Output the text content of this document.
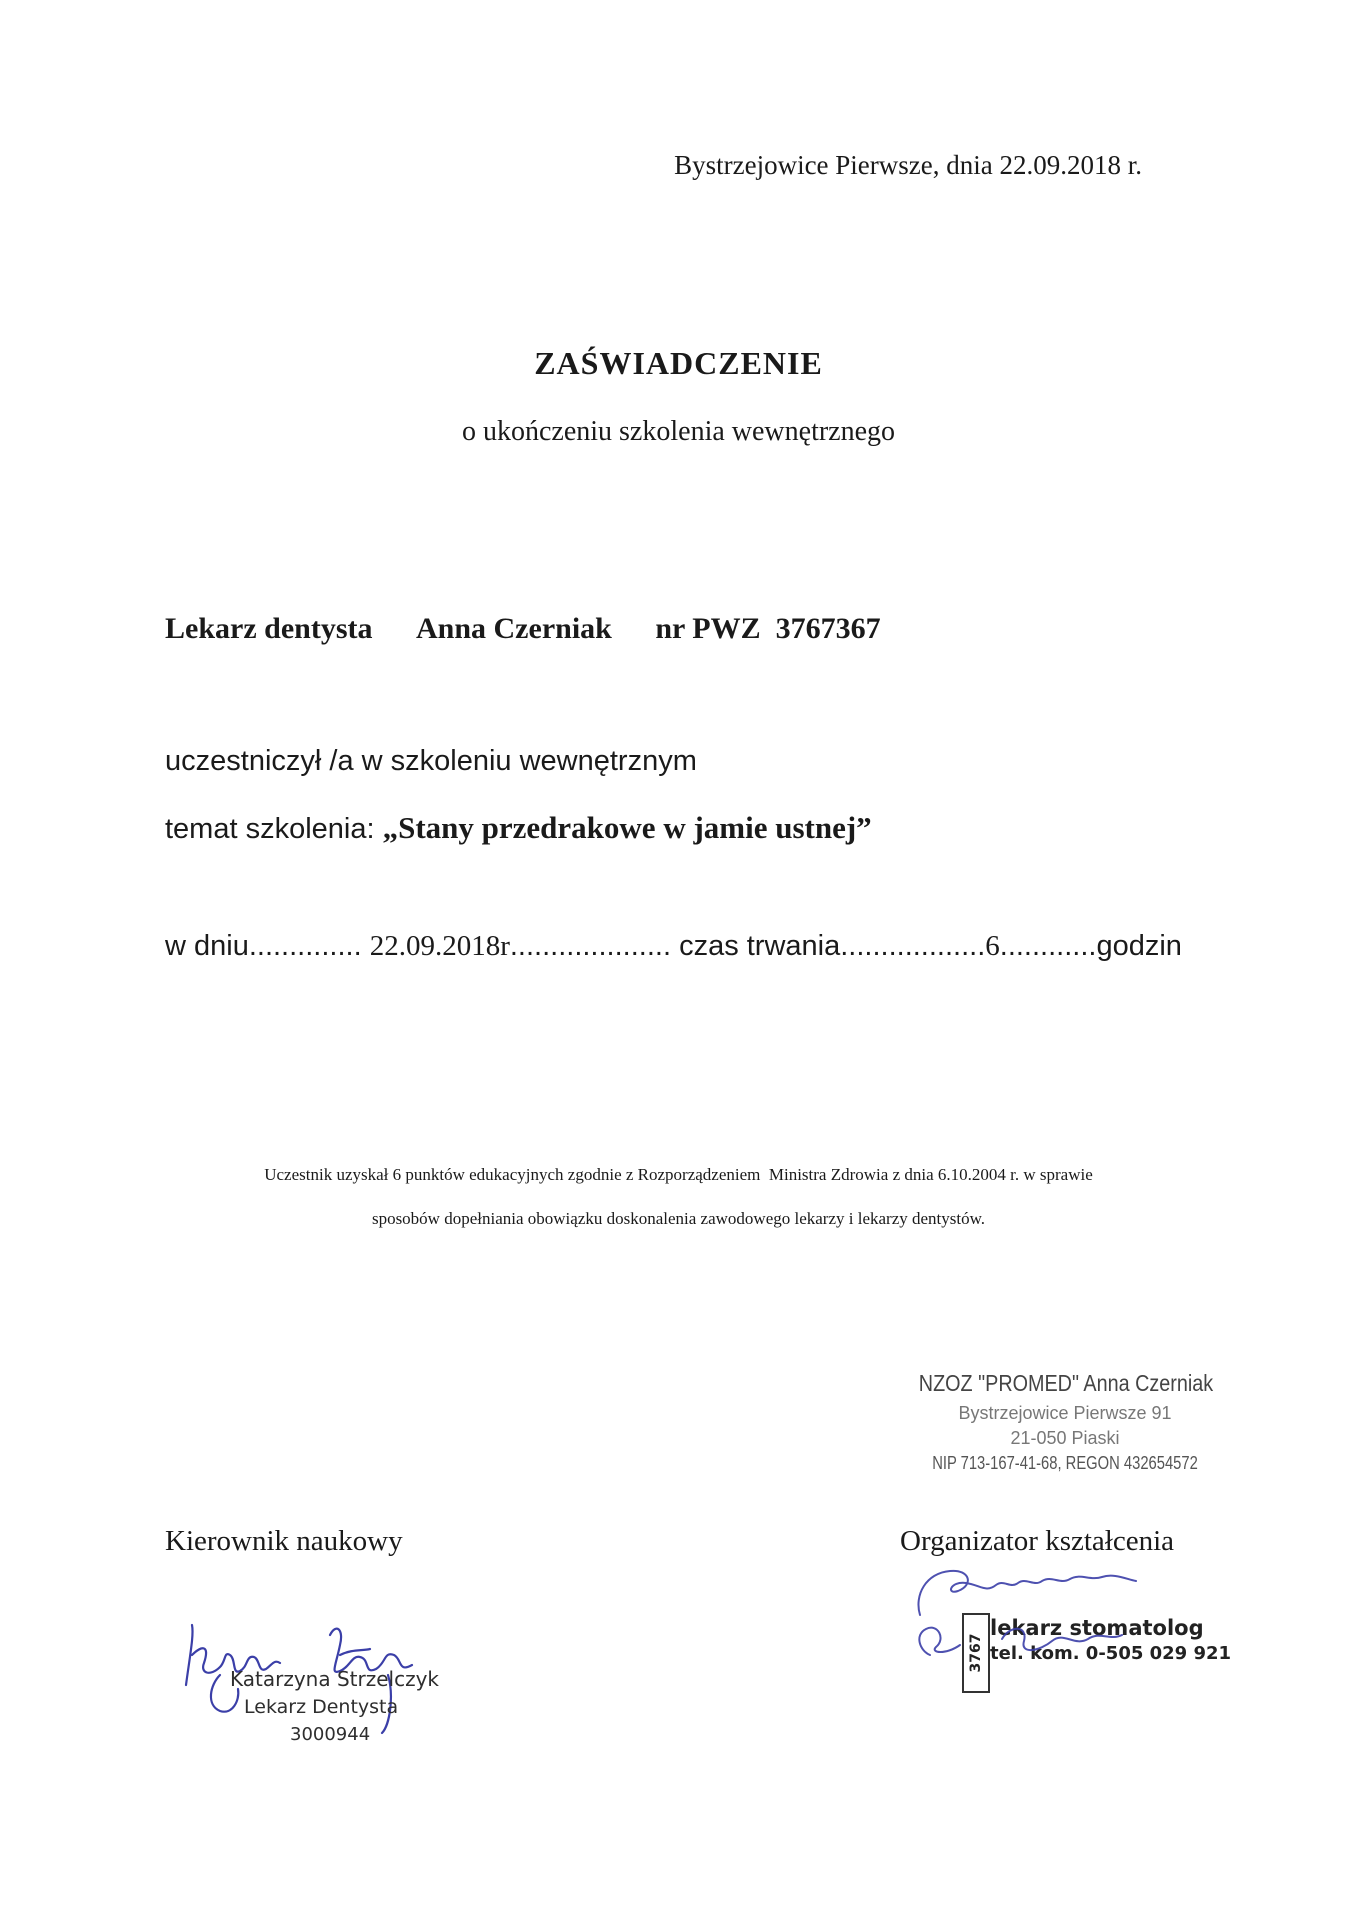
Bystrzejowice Pierwsze, dnia 22.09.2018 r.
ZAŚWIADCZENIE
o ukończeniu szkolenia wewnętrznego
Lekarz dentysta Anna Czerniak nr PWZ  3767367
uczestniczył /a w szkoleniu wewnętrznym
temat szkolenia: „Stany przedrakowe w jamie ustnej”
w dniu.............. 22.09.2018r.................... czas trwania..................6............godzin
Uczestnik uzyskał 6 punktów edukacyjnych zgodnie z Rozporządzeniem  Ministra Zdrowia z dnia 6.10.2004 r. w sprawie
sposobów dopełniania obowiązku doskonalenia zawodowego lekarzy i lekarzy dentystów.
NZOZ "PROMED" Anna Czerniak
Bystrzejowice Pierwsze 91
21-050 Piaski
NIP 713-167-41-68, REGON 432654572
Kierownik naukowy	Organizator kształcenia
Katarzyna Strzelczyk
Lekarz Dentysta
3000944
3767
lekarz stomatolog
tel. kom. 0-505 029 921
